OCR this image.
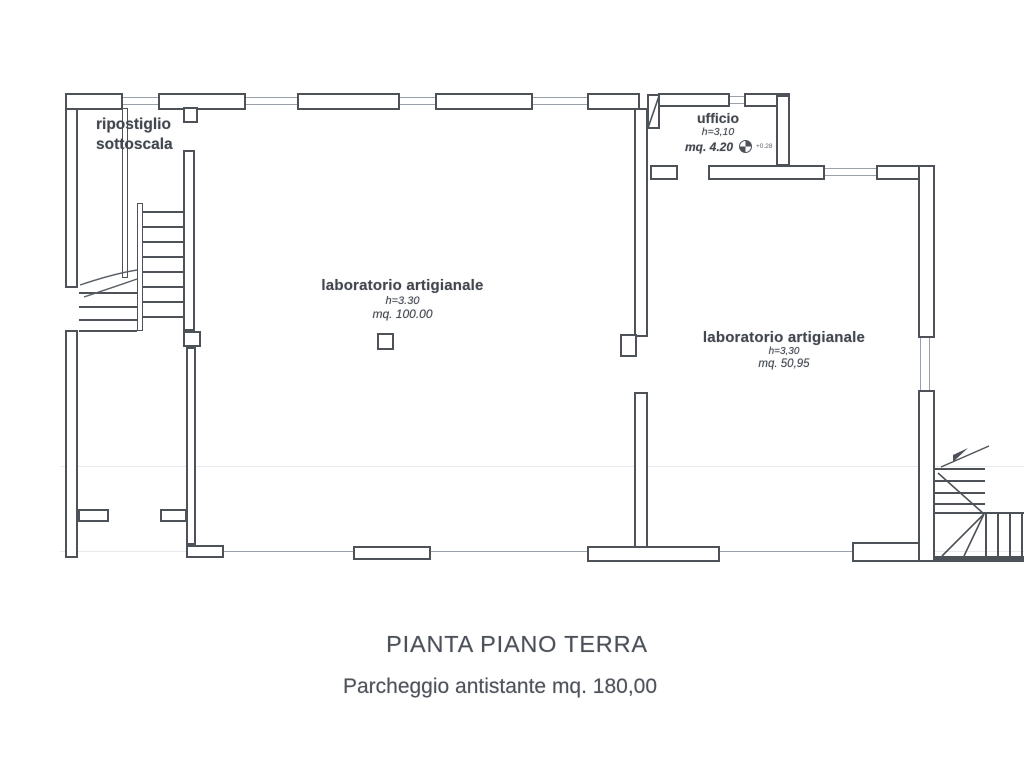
ripostiglio
sottoscala
laboratorio artigianale
h=3.30
mq. 100.00
laboratorio artigianale
h=3,30
mq. 50,95
ufficio
h=3,10
mq. 4.20	+0.28
PIANTA PIANO TERRA
Parcheggio antistante mq. 180,00
